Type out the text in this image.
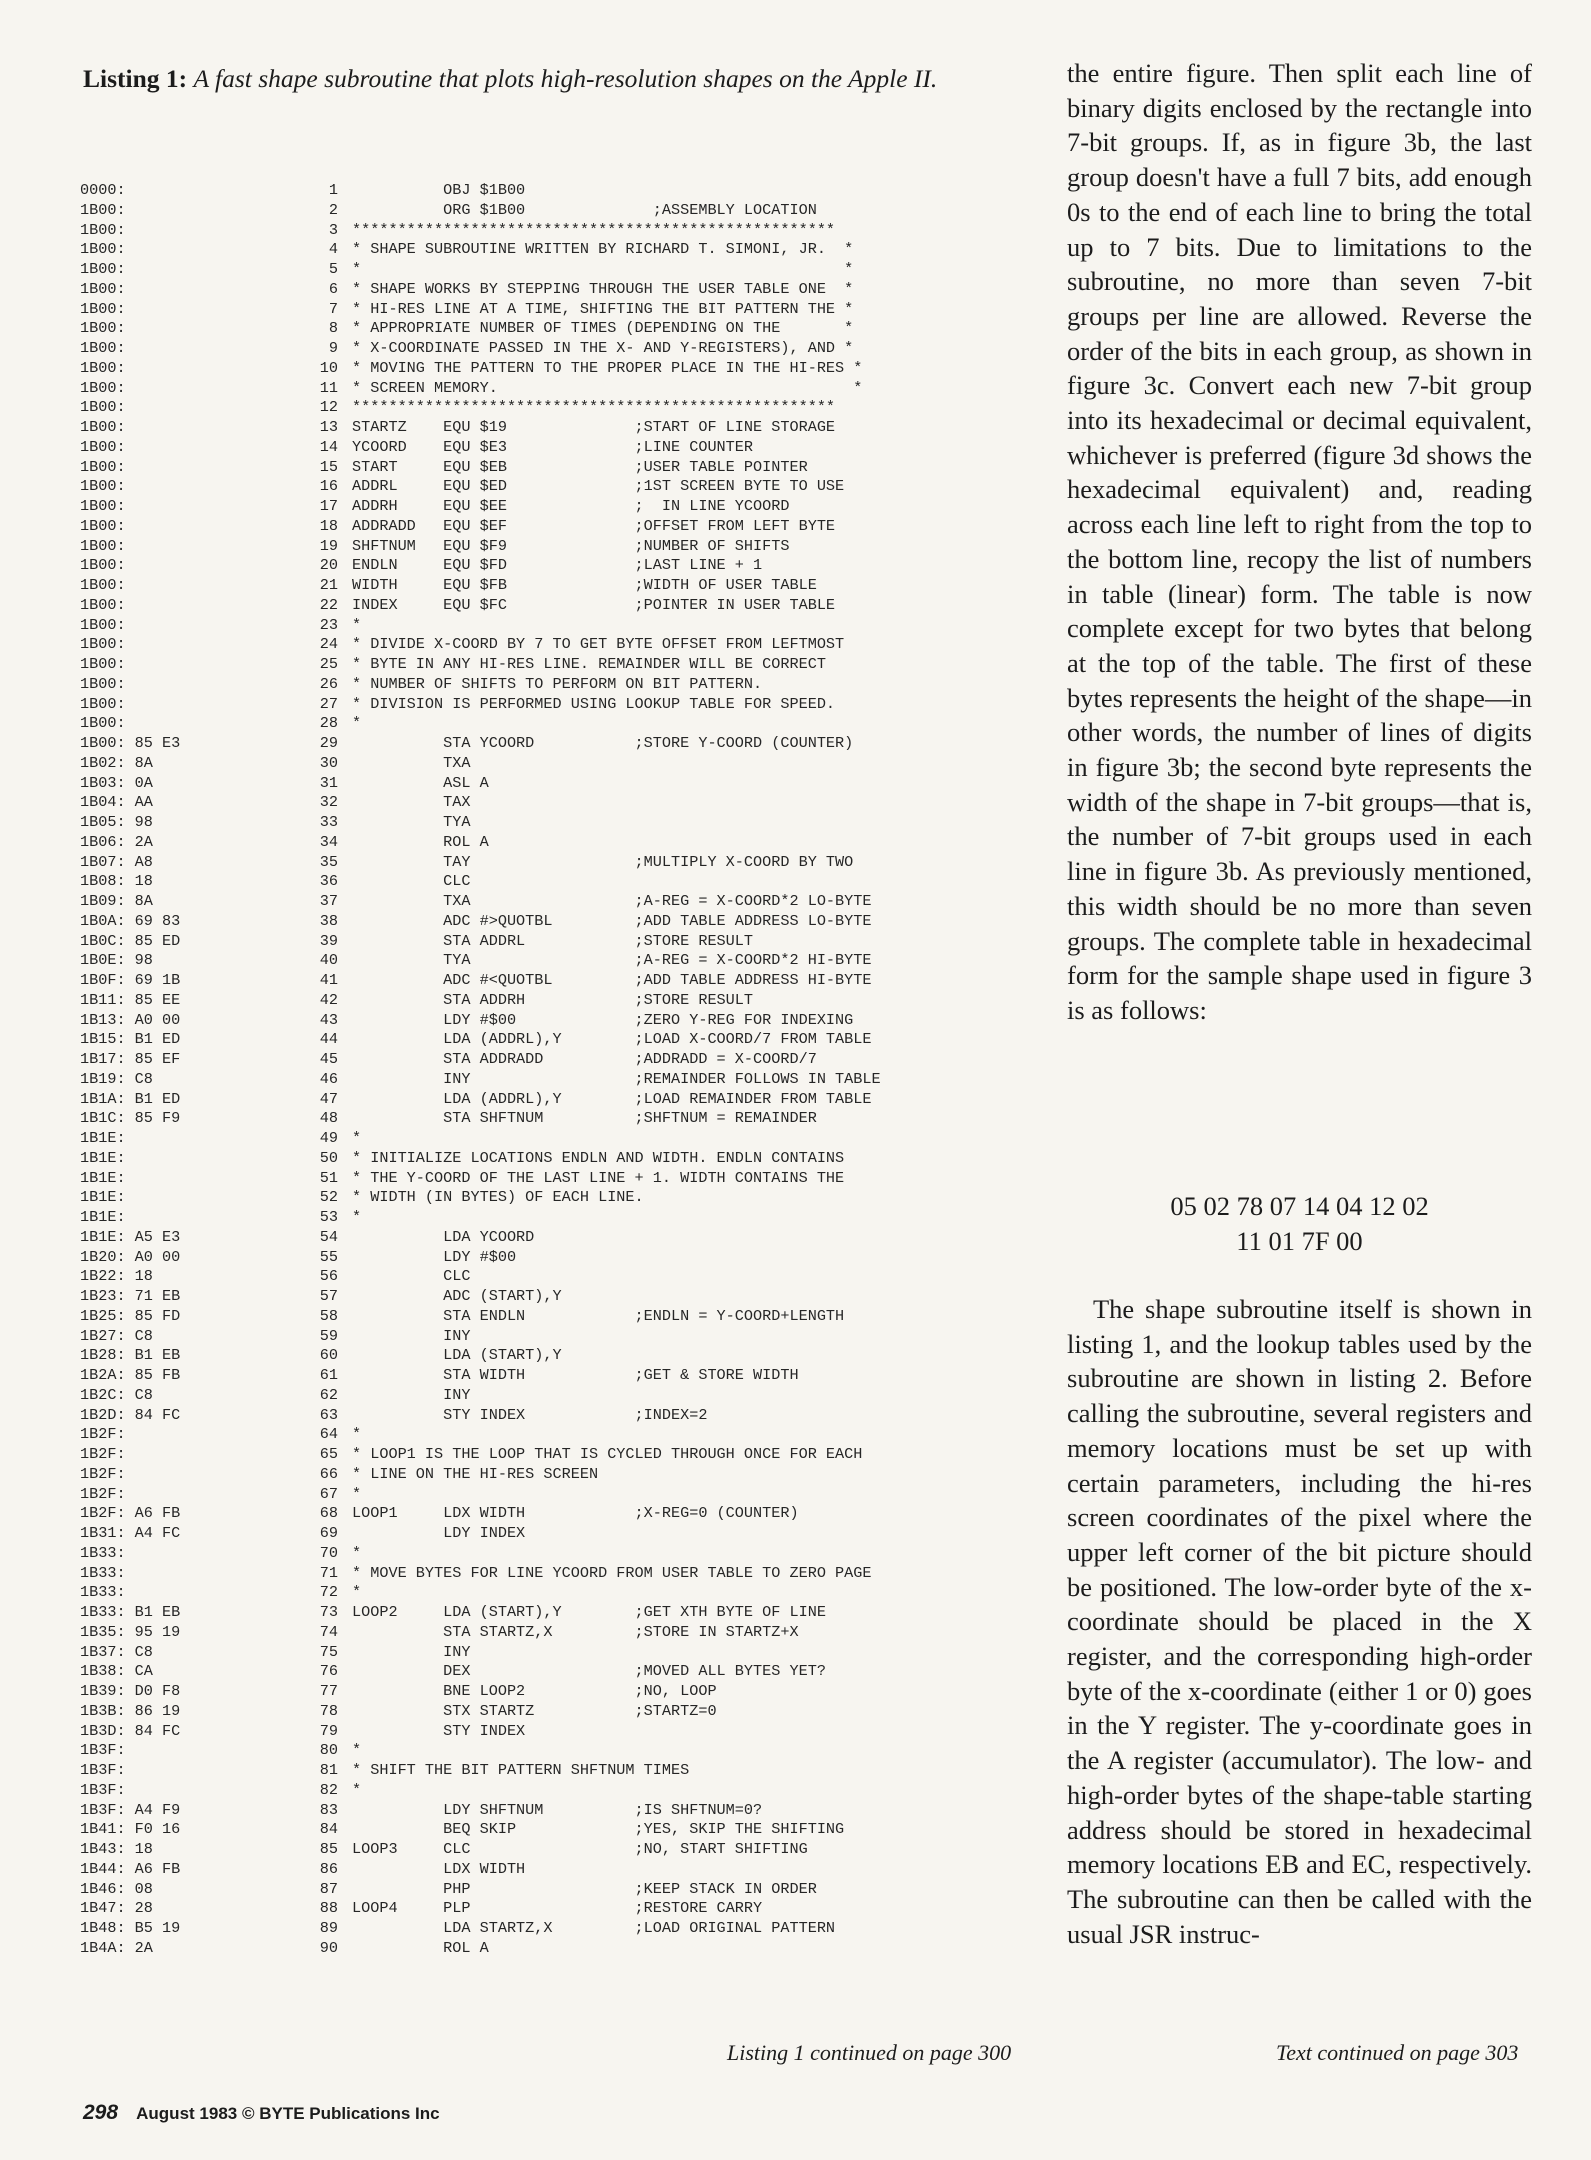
Listing 1: A fast shape subroutine that plots high-resolution shapes on the Apple II.
0000:	1 OBJ $1B00
1B00:	2 ORG $1B00              ;ASSEMBLY LOCATION
1B00:	3 *****************************************************
1B00:	4 * SHAPE SUBROUTINE WRITTEN BY RICHARD T. SIMONI, JR.  *
1B00:	5 *                                                     *
1B00:	6 * SHAPE WORKS BY STEPPING THROUGH THE USER TABLE ONE  *
1B00:	7 * HI-RES LINE AT A TIME, SHIFTING THE BIT PATTERN THE *
1B00:	8 * APPROPRIATE NUMBER OF TIMES (DEPENDING ON THE       *
1B00:	9 * X-COORDINATE PASSED IN THE X- AND Y-REGISTERS), AND *
1B00:	10 * MOVING THE PATTERN TO THE PROPER PLACE IN THE HI-RES *
1B00:	11 * SCREEN MEMORY.                                       *
1B00:	12 *****************************************************
1B00:	13 STARTZ    EQU $19              ;START OF LINE STORAGE
1B00:	14 YCOORD    EQU $E3              ;LINE COUNTER
1B00:	15 START     EQU $EB              ;USER TABLE POINTER
1B00:	16 ADDRL     EQU $ED              ;1ST SCREEN BYTE TO USE
1B00:	17 ADDRH     EQU $EE              ;  IN LINE YCOORD
1B00:	18 ADDRADD   EQU $EF              ;OFFSET FROM LEFT BYTE
1B00:	19 SHFTNUM   EQU $F9              ;NUMBER OF SHIFTS
1B00:	20 ENDLN     EQU $FD              ;LAST LINE + 1
1B00:	21 WIDTH     EQU $FB              ;WIDTH OF USER TABLE
1B00:	22 INDEX     EQU $FC              ;POINTER IN USER TABLE
1B00:	23 *
1B00:	24 * DIVIDE X-COORD BY 7 TO GET BYTE OFFSET FROM LEFTMOST
1B00:	25 * BYTE IN ANY HI-RES LINE. REMAINDER WILL BE CORRECT
1B00:	26 * NUMBER OF SHIFTS TO PERFORM ON BIT PATTERN.
1B00:	27 * DIVISION IS PERFORMED USING LOOKUP TABLE FOR SPEED.
1B00:	28 *
1B00: 85 E3	29 STA YCOORD           ;STORE Y-COORD (COUNTER)
1B02: 8A	30 TXA
1B03: 0A	31 ASL A
1B04: AA	32 TAX
1B05: 98	33 TYA
1B06: 2A	34 ROL A
1B07: A8	35 TAY                  ;MULTIPLY X-COORD BY TWO
1B08: 18	36 CLC
1B09: 8A	37 TXA                  ;A-REG = X-COORD*2 LO-BYTE
1B0A: 69 83	38 ADC #>QUOTBL         ;ADD TABLE ADDRESS LO-BYTE
1B0C: 85 ED	39 STA ADDRL            ;STORE RESULT
1B0E: 98	40 TYA                  ;A-REG = X-COORD*2 HI-BYTE
1B0F: 69 1B	41 ADC #<QUOTBL         ;ADD TABLE ADDRESS HI-BYTE
1B11: 85 EE	42 STA ADDRH            ;STORE RESULT
1B13: A0 00	43 LDY #$00             ;ZERO Y-REG FOR INDEXING
1B15: B1 ED	44 LDA (ADDRL),Y        ;LOAD X-COORD/7 FROM TABLE
1B17: 85 EF	45 STA ADDRADD          ;ADDRADD = X-COORD/7
1B19: C8	46 INY                  ;REMAINDER FOLLOWS IN TABLE
1B1A: B1 ED	47 LDA (ADDRL),Y        ;LOAD REMAINDER FROM TABLE
1B1C: 85 F9	48 STA SHFTNUM          ;SHFTNUM = REMAINDER
1B1E:	49 *
1B1E:	50 * INITIALIZE LOCATIONS ENDLN AND WIDTH. ENDLN CONTAINS
1B1E:	51 * THE Y-COORD OF THE LAST LINE + 1. WIDTH CONTAINS THE
1B1E:	52 * WIDTH (IN BYTES) OF EACH LINE.
1B1E:	53 *
1B1E: A5 E3	54 LDA YCOORD
1B20: A0 00	55 LDY #$00
1B22: 18	56 CLC
1B23: 71 EB	57 ADC (START),Y
1B25: 85 FD	58 STA ENDLN            ;ENDLN = Y-COORD+LENGTH
1B27: C8	59 INY
1B28: B1 EB	60 LDA (START),Y
1B2A: 85 FB	61 STA WIDTH            ;GET & STORE WIDTH
1B2C: C8	62 INY
1B2D: 84 FC	63 STY INDEX            ;INDEX=2
1B2F:	64 *
1B2F:	65 * LOOP1 IS THE LOOP THAT IS CYCLED THROUGH ONCE FOR EACH
1B2F:	66 * LINE ON THE HI-RES SCREEN
1B2F:	67 *
1B2F: A6 FB	68 LOOP1     LDX WIDTH            ;X-REG=0 (COUNTER)
1B31: A4 FC	69 LDY INDEX
1B33:	70 *
1B33:	71 * MOVE BYTES FOR LINE YCOORD FROM USER TABLE TO ZERO PAGE
1B33:	72 *
1B33: B1 EB	73 LOOP2     LDA (START),Y        ;GET XTH BYTE OF LINE
1B35: 95 19	74 STA STARTZ,X         ;STORE IN STARTZ+X
1B37: C8	75 INY
1B38: CA	76 DEX                  ;MOVED ALL BYTES YET?
1B39: D0 F8	77 BNE LOOP2            ;NO, LOOP
1B3B: 86 19	78 STX STARTZ           ;STARTZ=0
1B3D: 84 FC	79 STY INDEX
1B3F:	80 *
1B3F:	81 * SHIFT THE BIT PATTERN SHFTNUM TIMES
1B3F:	82 *
1B3F: A4 F9	83 LDY SHFTNUM          ;IS SHFTNUM=0?
1B41: F0 16	84 BEQ SKIP             ;YES, SKIP THE SHIFTING
1B43: 18	85 LOOP3     CLC                  ;NO, START SHIFTING
1B44: A6 FB	86 LDX WIDTH
1B46: 08	87 PHP                  ;KEEP STACK IN ORDER
1B47: 28	88 LOOP4     PLP                  ;RESTORE CARRY
1B48: B5 19	89 LDA STARTZ,X         ;LOAD ORIGINAL PATTERN
1B4A: 2A	90 ROL A
Listing 1 continued on page 300

the entire figure. Then split each line of binary digits enclosed by the rectangle into 7-bit groups. If, as in figure 3b, the last group doesn't have a full 7 bits, add enough 0s to the end of each line to bring the total up to 7 bits. Due to limitations to the subroutine, no more than seven 7-bit groups per line are allowed. Reverse the order of the bits in each group, as shown in figure 3c. Convert each new 7-bit group into its hexadecimal or decimal equivalent, whichever is preferred (figure 3d shows the hexadecimal equivalent) and, reading across each line left to right from the top to the bottom line, recopy the list of numbers in table (linear) form. The table is now complete except for two bytes that belong at the top of the table. The first of these bytes represents the height of the shape—in other words, the number of lines of digits in figure 3b; the second byte represents the width of the shape in 7-bit groups—that is, the number of 7-bit groups used in each line in figure 3b. As previously mentioned, this width should be no more than seven groups. The complete table in hexadecimal form for the sample shape used in figure 3 is as follows:

05 02 78 07 14 04 12 02
11 01 7F 00

The shape subroutine itself is shown in listing 1, and the lookup tables used by the subroutine are shown in listing 2. Before calling the subroutine, several registers and memory locations must be set up with certain parameters, including the hi-res screen coordinates of the pixel where the upper left corner of the bit picture should be positioned. The low-order byte of the x-coordinate should be placed in the X register, and the corresponding high-order byte of the x-coordinate (either 1 or 0) goes in the Y register. The y-coordinate goes in the A register (accumulator). The low- and high-order bytes of the shape-table starting address should be stored in hexadecimal memory locations EB and EC, respectively. The subroutine can then be called with the usual JSR instruc-

Text continued on page 303
298 August 1983 © BYTE Publications Inc
